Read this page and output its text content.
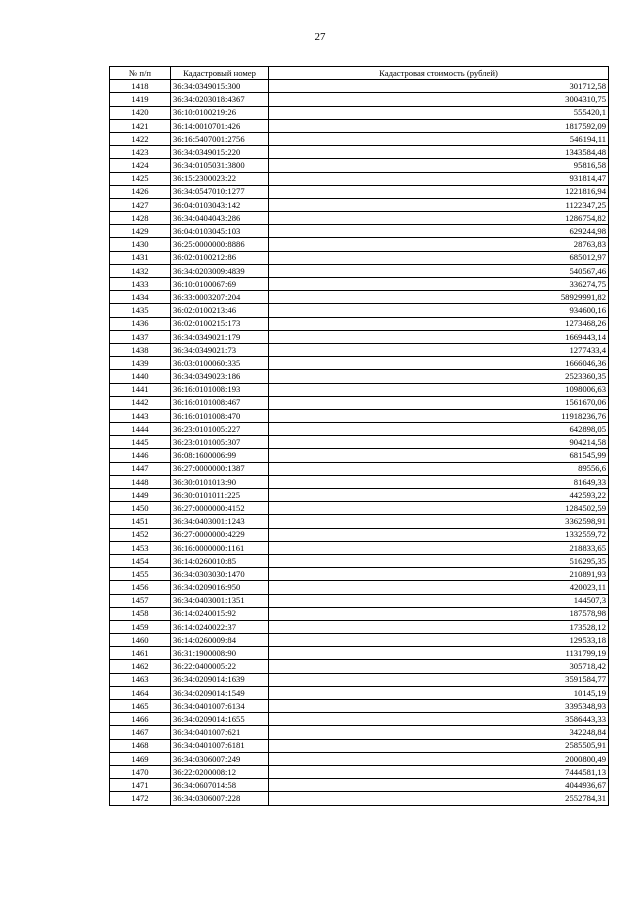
27
№ п/п	Кадастровый номер	Кадастровая стоимость (рублей)
1418	36:34:0349015:300	301712,58
1419	36:34:0203018:4367	3004310,75
1420	36:10:0100219:26	555420,1
1421	36:14:0010701:426	1817592,09
1422	36:16:5407001:2756	546194,11
1423	36:34:0349015:220	1343584,48
1424	36:34:0105031:3800	95816,58
1425	36:15:2300023:22	931814,47
1426	36:34:0547010:1277	1221816,94
1427	36:04:0103043:142	1122347,25
1428	36:34:0404043:286	1286754,82
1429	36:04:0103045:103	629244,98
1430	36:25:0000000:8886	28763,83
1431	36:02:0100212:86	685012,97
1432	36:34:0203009:4839	540567,46
1433	36:10:0100067:69	336274,75
1434	36:33:0003207:204	58929991,82
1435	36:02:0100213:46	934600,16
1436	36:02:0100215:173	1273468,26
1437	36:34:0349021:179	1669443,14
1438	36:34:0349021:73	1277433,4
1439	36:03:0100060:335	1666046,36
1440	36:34:0349023:186	2523360,35
1441	36:16:0101008:193	1098006,63
1442	36:16:0101008:467	1561670,06
1443	36:16:0101008:470	11918236,76
1444	36:23:0101005:227	642898,05
1445	36:23:0101005:307	904214,58
1446	36:08:1600006:99	681545,99
1447	36:27:0000000:1387	89556,6
1448	36:30:0101013:90	81649,33
1449	36:30:0101011:225	442593,22
1450	36:27:0000000:4152	1284502,59
1451	36:34:0403001:1243	3362598,91
1452	36:27:0000000:4229	1332559,72
1453	36:16:0000000:1161	218833,65
1454	36:14:0260010:85	516295,35
1455	36:34:0303030:1470	210891,93
1456	36:34:0209016:950	420023,11
1457	36:34:0403001:1351	144507,3
1458	36:14:0240015:92	187578,98
1459	36:14:0240022:37	173528,12
1460	36:14:0260009:84	129533,18
1461	36:31:1900008:90	1131799,19
1462	36:22:0400005:22	305718,42
1463	36:34:0209014:1639	3591584,77
1464	36:34:0209014:1549	10145,19
1465	36:34:0401007:6134	3395348,93
1466	36:34:0209014:1655	3586443,33
1467	36:34:0401007:621	342248,84
1468	36:34:0401007:6181	2585505,91
1469	36:34:0306007:249	2000800,49
1470	36:22:0200008:12	7444581,13
1471	36:34:0607014:58	4044936,67
1472	36:34:0306007:228	2552784,31
